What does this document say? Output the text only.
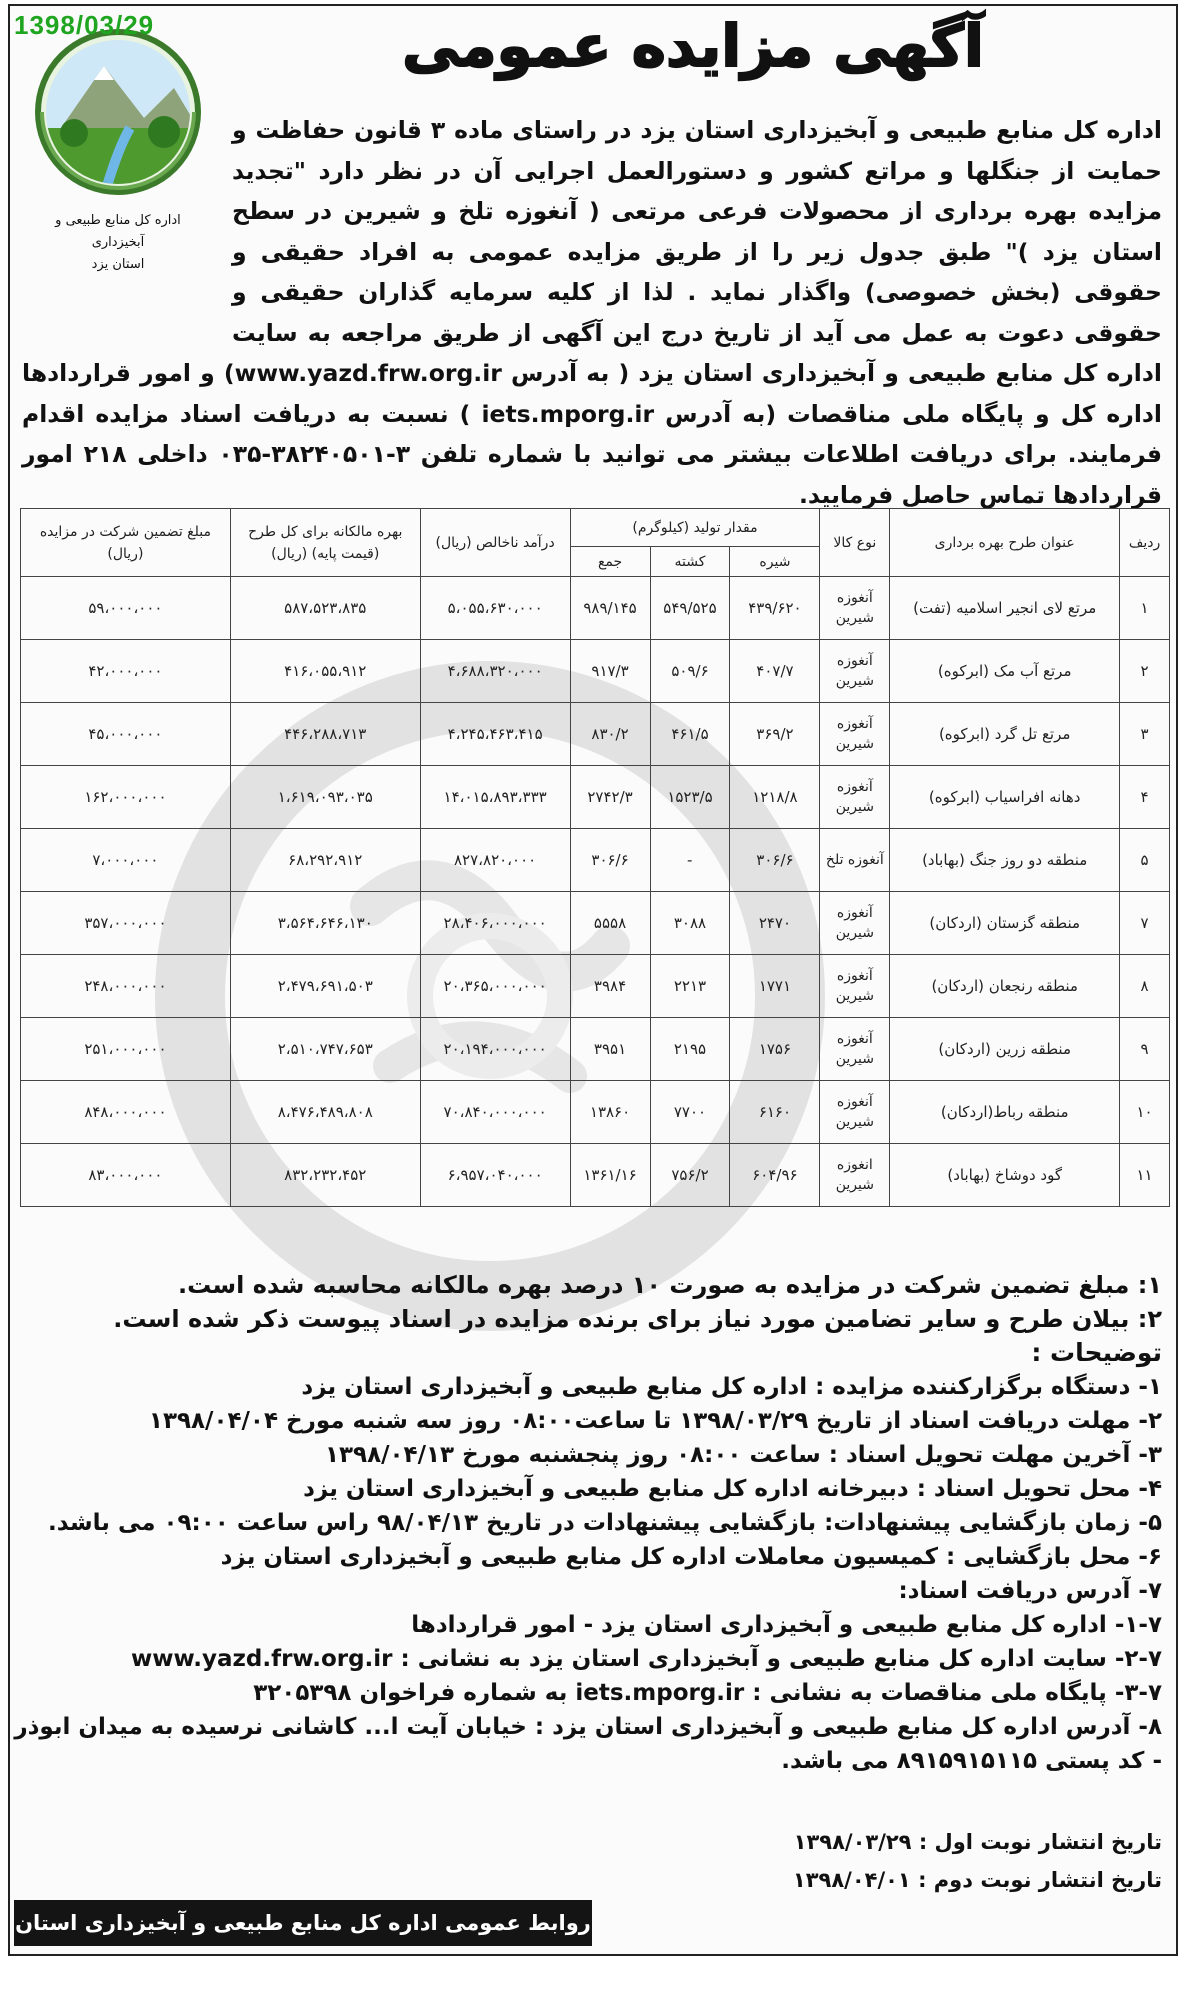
1398/03/29
اداره کل منابع طبیعی و آبخیزداری
استان یزد
آگهی مزایده عمومی
اداره کل منابع طبیعی و آبخیزداری استان یزد در راستای ماده ۳ قانون حفاظت و حمایت از جنگلها و مراتع کشور و دستورالعمل اجرایی آن در نظر دارد "تجدید مزایده بهره برداری از محصولات فرعی مرتعی ( آنغوزه تلخ و شیرین در سطح استان یزد )" طبق جدول زیر را از طریق مزایده عمومی به افراد حقیقی و حقوقی (بخش خصوصی) واگذار نماید . لذا از کلیه سرمایه گذاران حقیقی و حقوقی دعوت به عمل می آید از تاریخ درج این آگهی از طریق مراجعه به سایت اداره کل منابع طبیعی و آبخیزداری استان یزد ( به آدرس www.yazd.frw.org.ir) و امور قراردادها اداره کل و پایگاه ملی مناقصات (به آدرس iets.mporg.ir ) نسبت به دریافت اسناد مزایده اقدام فرمایند. برای دریافت اطلاعات بیشتر می توانید با شماره تلفن ۳-۳۸۲۴۰۵۰۱-۰۳۵ داخلی ۲۱۸ امور قراردادها تماس حاصل فرمایید.
ردیف	عنوان طرح بهره برداری	نوع کالا	مقدار تولید (کیلوگرم)			درآمد ناخالص (ریال)	بهره مالکانه برای کل طرح (قیمت پایه) (ریال)	مبلغ تضمین شرکت در مزایده (ریال)
			شیره	کشته	جمع			
۱	مرتع لای انجیر اسلامیه (تفت)	آنغوزه شیرین	۴۳۹/۶۲۰	۵۴۹/۵۲۵	۹۸۹/۱۴۵	۵،۰۵۵،۶۳۰،۰۰۰	۵۸۷،۵۲۳،۸۳۵	۵۹،۰۰۰،۰۰۰
۲	مرتع آب مک (ابرکوه)	آنغوزه شیرین	۴۰۷/۷	۵۰۹/۶	۹۱۷/۳	۴،۶۸۸،۳۲۰،۰۰۰	۴۱۶،۰۵۵،۹۱۲	۴۲،۰۰۰،۰۰۰
۳	مرتع تل گرد (ابرکوه)	آنغوزه شیرین	۳۶۹/۲	۴۶۱/۵	۸۳۰/۲	۴،۲۴۵،۴۶۳،۴۱۵	۴۴۶،۲۸۸،۷۱۳	۴۵،۰۰۰،۰۰۰
۴	دهانه افراسیاب (ابرکوه)	آنغوزه شیرین	۱۲۱۸/۸	۱۵۲۳/۵	۲۷۴۲/۳	۱۴،۰۱۵،۸۹۳،۳۳۳	۱،۶۱۹،۰۹۳،۰۳۵	۱۶۲،۰۰۰،۰۰۰
۵	منطقه دو روز جنگ (بهاباد)	آنغوزه تلخ	۳۰۶/۶	-	۳۰۶/۶	۸۲۷،۸۲۰،۰۰۰	۶۸،۲۹۲،۹۱۲	۷،۰۰۰،۰۰۰
۷	منطقه گزستان (اردکان)	آنغوزه شیرین	۲۴۷۰	۳۰۸۸	۵۵۵۸	۲۸،۴۰۶،۰۰۰،۰۰۰	۳،۵۶۴،۶۴۶،۱۳۰	۳۵۷،۰۰۰،۰۰۰
۸	منطقه رنجعان (اردکان)	آنغوزه شیرین	۱۷۷۱	۲۲۱۳	۳۹۸۴	۲۰،۳۶۵،۰۰۰،۰۰۰	۲،۴۷۹،۶۹۱،۵۰۳	۲۴۸،۰۰۰،۰۰۰
۹	منطقه زرین (اردکان)	آنغوزه شیرین	۱۷۵۶	۲۱۹۵	۳۹۵۱	۲۰،۱۹۴،۰۰۰،۰۰۰	۲،۵۱۰،۷۴۷،۶۵۳	۲۵۱،۰۰۰،۰۰۰
۱۰	منطقه رباط(اردکان)	آنغوزه شیرین	۶۱۶۰	۷۷۰۰	۱۳۸۶۰	۷۰،۸۴۰،۰۰۰،۰۰۰	۸،۴۷۶،۴۸۹،۸۰۸	۸۴۸،۰۰۰،۰۰۰
۱۱	گود دوشاخ (بهاباد)	انغوزه شیرین	۶۰۴/۹۶	۷۵۶/۲	۱۳۶۱/۱۶	۶،۹۵۷،۰۴۰،۰۰۰	۸۳۲،۲۳۲،۴۵۲	۸۳،۰۰۰،۰۰۰
۱: مبلغ تضمین شرکت در مزایده به صورت ۱۰ درصد بهره مالکانه محاسبه شده است.
۲: بیلان طرح و سایر تضامین مورد نیاز برای برنده مزایده در اسناد پیوست ذکر شده است.
توضیحات :
۱- دستگاه برگزارکننده مزایده : اداره کل منابع طبیعی و آبخیزداری استان یزد
۲- مهلت دریافت اسناد از تاریخ ۱۳۹۸/۰۳/۲۹ تا ساعت۰۸:۰۰ روز سه شنبه مورخ ۱۳۹۸/۰۴/۰۴
۳- آخرین مهلت تحویل اسناد : ساعت ۰۸:۰۰ روز پنجشنبه مورخ ۱۳۹۸/۰۴/۱۳
۴- محل تحویل اسناد : دبیرخانه اداره کل منابع طبیعی و آبخیزداری استان یزد
۵- زمان بازگشایی پیشنهادات: بازگشایی پیشنهادات در تاریخ ۹۸/۰۴/۱۳ راس ساعت ۰۹:۰۰ می باشد.
۶- محل بازگشایی : کمیسیون معاملات اداره کل منابع طبیعی و آبخیزداری استان یزد
۷- آدرس دریافت اسناد:
۱-۷- اداره کل منابع طبیعی و آبخیزداری استان یزد - امور قراردادها
۲-۷- سایت اداره کل منابع طبیعی و آبخیزداری استان یزد به نشانی : www.yazd.frw.org.ir
۳-۷- پایگاه ملی مناقصات به نشانی : iets.mporg.ir به شماره فراخوان ۳۲۰۵۳۹۸
۸- آدرس اداره کل منابع طبیعی و آبخیزداری استان یزد : خیابان آیت ا... کاشانی نرسیده به میدان ابوذر
- کد پستی ۸۹۱۵۹۱۵۱۱۵ می باشد.
تاریخ انتشار نوبت اول : ۱۳۹۸/۰۳/۲۹
تاریخ انتشار نوبت دوم : ۱۳۹۸/۰۴/۰۱
روابط عمومی اداره کل منابع طبیعی و آبخیزداری استان یزد
